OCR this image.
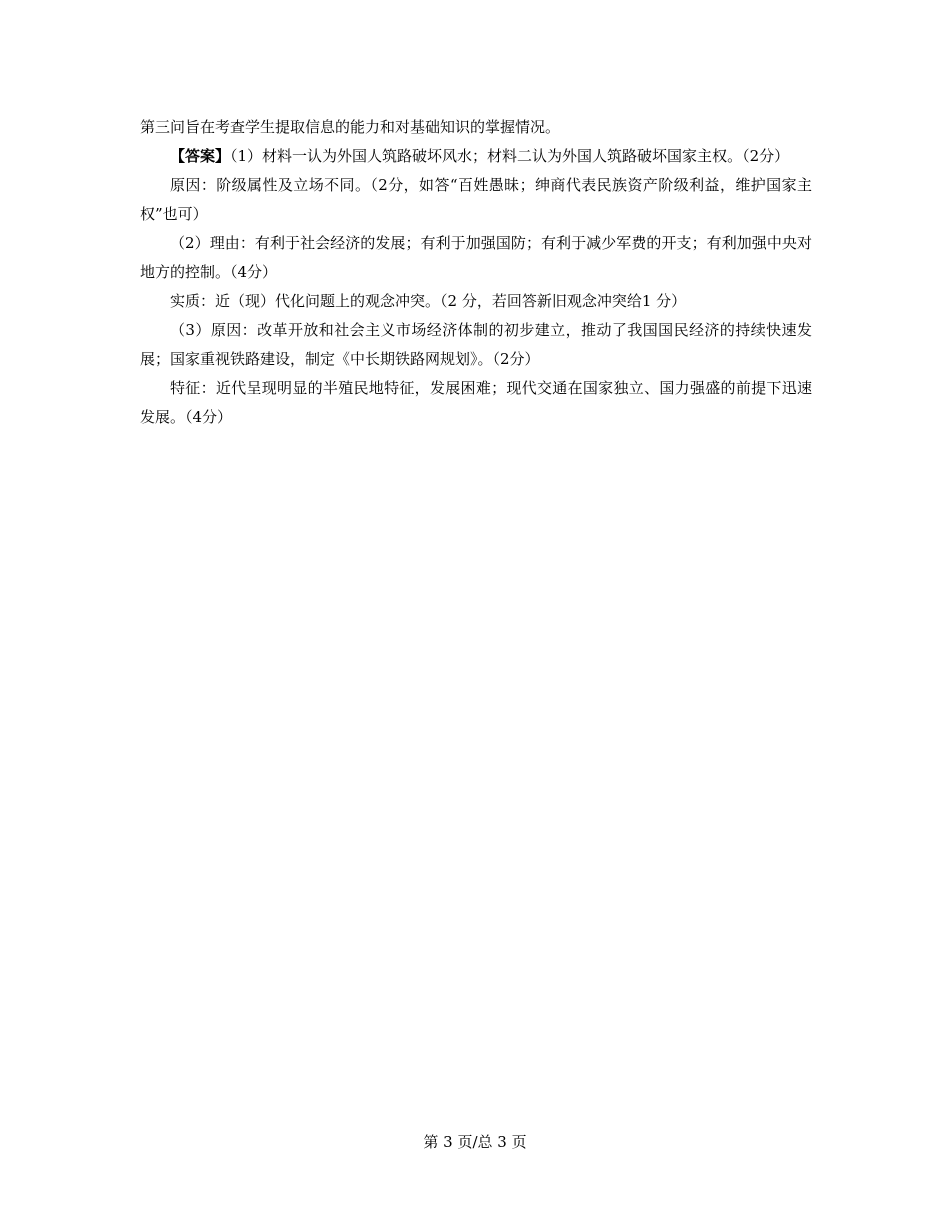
第三问旨在考查学生提取信息的能力和对基础知识的掌握情况。

【答案】（1）材料一认为外国人筑路破坏风水；材料二认为外国人筑路破坏国家主权。（2分）

原因：阶级属性及立场不同。（2分，如答“百姓愚昧；绅商代表民族资产阶级利益，维护国家主权”也可）

（2）理由：有利于社会经济的发展；有利于加强国防；有利于减少军费的开支；有利加强中央对地方的控制。（4分）

实质：近（现）代化问题上的观念冲突。（2 分，若回答新旧观念冲突给1 分）

（3）原因：改革开放和社会主义市场经济体制的初步建立，推动了我国国民经济的持续快速发展；国家重视铁路建设，制定《中长期铁路网规划》。（2分）

特征：近代呈现明显的半殖民地特征，发展困难；现代交通在国家独立、国力强盛的前提下迅速发展。（4分）

第 3 页/总 3 页
